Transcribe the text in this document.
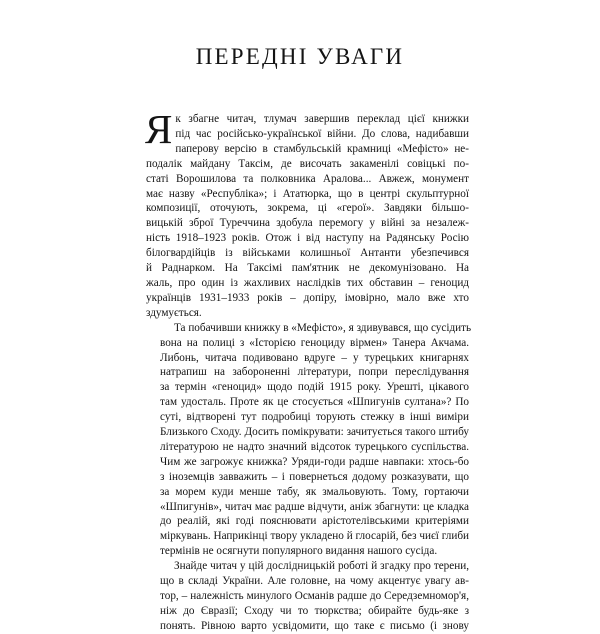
ПЕРЕДНІ УВАГИ

Я к збагне читач, тлумач завершив переклад цієї книжки
під час російсько-української війни. До слова, надибавши
паперову версію в стамбульській крамниці «Мефісто» не-
подалік майдану Таксім, де височать закаменілі совіцькі по-
статі Ворошилова та полковника Аралова... Авжеж, монумент
має назву «Республіка»; і Ататюрка, що в центрі скульптурної
композиції, оточують, зокрема, ці «герої». Завдяки більшо-
вицькій зброї Туреччина здобула перемогу у війні за незалеж-
ність 1918–1923 років. Отож і від наступу на Радянську Росію
білогвардійців із військами колишньої Антанти убезпечився
й Раднарком. На Таксімі пам'ятник не декомунізовано. На
жаль, про один із жахливих наслідків тих обставин – геноцид
українців 1931–1933 років – допіру, імовірно, мало вже хто
здумується.

Та побачивши книжку в «Мефісто», я здивувався, що сусідить
вона на полиці з «Історією геноциду вірмен» Танера Акчама.
Либонь, читача подивовано вдруге – у турецьких книгарнях
натрапиш на забороненні літератури, попри переслідування
за термін «геноцид» щодо подій 1915 року. Урешті, цікавого
там удосталь. Проте як це стосується «Шпигунів султана»? По
суті, відтворені тут подробиці торують стежку в інші виміри
Близького Сходу. Досить помікрувати: зачитується такого штибу
літературою не надто значний відсоток турецького суспільства.
Чим же загрожує книжка? Уряди-годи радше навпаки: хтось-бо
з іноземців завважить – і повернеться додому розказувати, що
за морем куди менше табу, як змальовують. Тому, гортаючи
«Шпигунів», читач має радше відчути, аніж збагнути: це кладка
до реалій, які годі пояснювати арістотелівськими критеріями
міркувань. Наприкінці твору укладено й глосарій, без чиєї глиби
термінів не осягнути популярного видання нашого сусіда.

Знайде читач у цій дослідницькій роботі й згадку про терени,
що в складі України. Але головне, на чому акцентує увагу ав-
тор, – належність минулого Османів радше до Середземномор'я,
ніж до Євразії; Сходу чи то тюркства; обирайте будь-яке з
понять. Рівною варто усвідомити, що таке є письмо (і знову
